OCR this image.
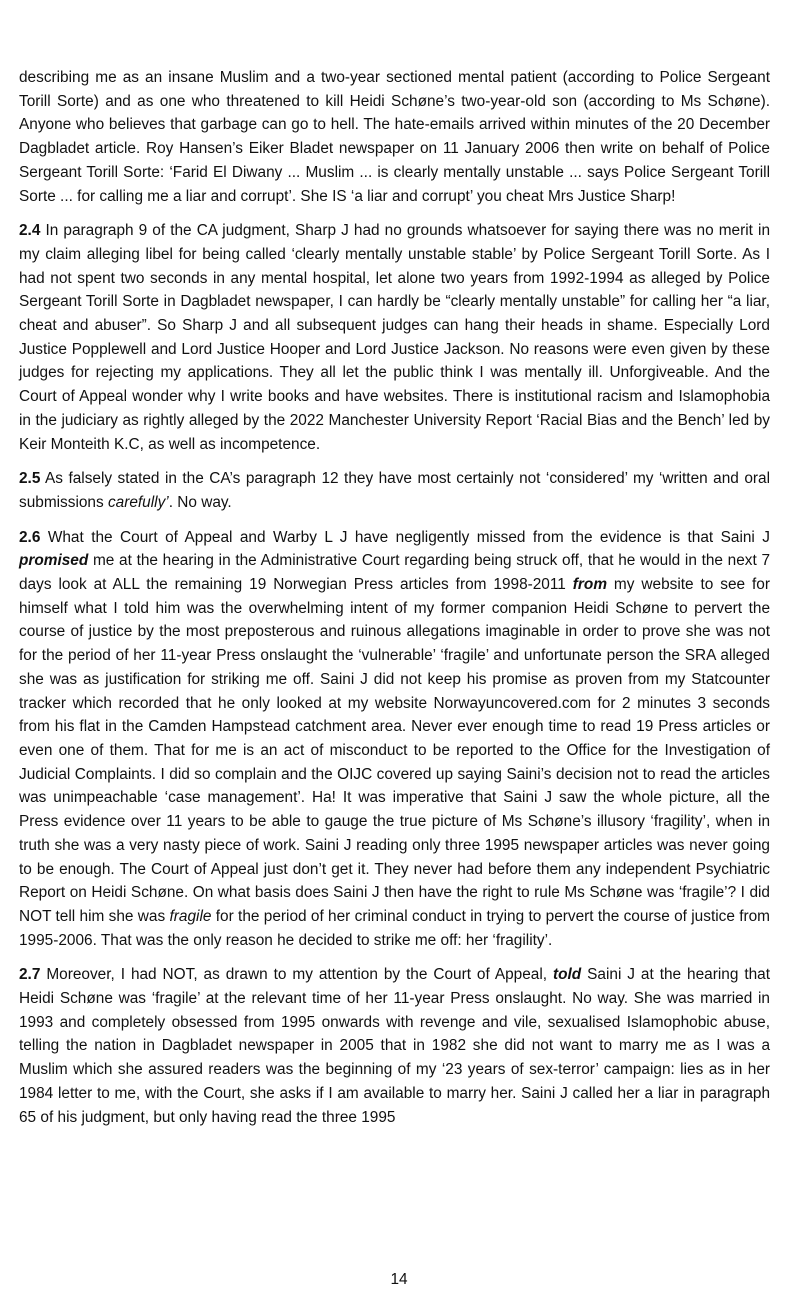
describing me as an insane Muslim and a two-year sectioned mental patient (according to Police Sergeant Torill Sorte) and as one who threatened to kill Heidi Schøne’s two-year-old son (according to Ms Schøne). Anyone who believes that garbage can go to hell. The hate-emails arrived within minutes of the 20 December Dagbladet article. Roy Hansen’s Eiker Bladet newspaper on 11 January 2006 then write on behalf of Police Sergeant Torill Sorte: ‘Farid El Diwany ... Muslim ... is clearly mentally unstable ... says Police Sergeant Torill Sorte ... for calling me a liar and corrupt’. She IS ‘a liar and corrupt’ you cheat Mrs Justice Sharp!

2.4 In paragraph 9 of the CA judgment, Sharp J had no grounds whatsoever for saying there was no merit in my claim alleging libel for being called ‘clearly mentally unstable stable’ by Police Sergeant Torill Sorte. As I had not spent two seconds in any mental hospital, let alone two years from 1992-1994 as alleged by Police Sergeant Torill Sorte in Dagbladet newspaper, I can hardly be “clearly mentally unstable” for calling her “a liar, cheat and abuser”. So Sharp J and all subsequent judges can hang their heads in shame. Especially Lord Justice Popplewell and Lord Justice Hooper and Lord Justice Jackson. No reasons were even given by these judges for rejecting my applications. They all let the public think I was mentally ill. Unforgiveable. And the Court of Appeal wonder why I write books and have websites. There is institutional racism and Islamophobia in the judiciary as rightly alleged by the 2022 Manchester University Report ‘Racial Bias and the Bench’ led by Keir Monteith K.C, as well as incompetence.

2.5 As falsely stated in the CA’s paragraph 12 they have most certainly not ‘considered’ my ‘written and oral submissions carefully’. No way.

2.6 What the Court of Appeal and Warby L J have negligently missed from the evidence is that Saini J promised me at the hearing in the Administrative Court regarding being struck off, that he would in the next 7 days look at ALL the remaining 19 Norwegian Press articles from 1998-2011 from my website to see for himself what I told him was the overwhelming intent of my former companion Heidi Schøne to pervert the course of justice by the most preposterous and ruinous allegations imaginable in order to prove she was not for the period of her 11-year Press onslaught the ‘vulnerable’ ‘fragile’ and unfortunate person the SRA alleged she was as justification for striking me off. Saini J did not keep his promise as proven from my Statcounter tracker which recorded that he only looked at my website Norwayuncovered.com for 2 minutes 3 seconds from his flat in the Camden Hampstead catchment area. Never ever enough time to read 19 Press articles or even one of them. That for me is an act of misconduct to be reported to the Office for the Investigation of Judicial Complaints. I did so complain and the OIJC covered up saying Saini’s decision not to read the articles was unimpeachable ‘case management’. Ha! It was imperative that Saini J saw the whole picture, all the Press evidence over 11 years to be able to gauge the true picture of Ms Schøne’s illusory ‘fragility’, when in truth she was a very nasty piece of work. Saini J reading only three 1995 newspaper articles was never going to be enough. The Court of Appeal just don’t get it. They never had before them any independent Psychiatric Report on Heidi Schøne. On what basis does Saini J then have the right to rule Ms Schøne was ‘fragile’? I did NOT tell him she was fragile for the period of her criminal conduct in trying to pervert the course of justice from 1995-2006. That was the only reason he decided to strike me off: her ‘fragility’.

2.7 Moreover, I had NOT, as drawn to my attention by the Court of Appeal, told Saini J at the hearing that Heidi Schøne was ‘fragile’ at the relevant time of her 11-year Press onslaught. No way. She was married in 1993 and completely obsessed from 1995 onwards with revenge and vile, sexualised Islamophobic abuse, telling the nation in Dagbladet newspaper in 2005 that in 1982 she did not want to marry me as I was a Muslim which she assured readers was the beginning of my ‘23 years of sex-terror’ campaign: lies as in her 1984 letter to me, with the Court, she asks if I am available to marry her. Saini J called her a liar in paragraph 65 of his judgment, but only having read the three 1995

14
